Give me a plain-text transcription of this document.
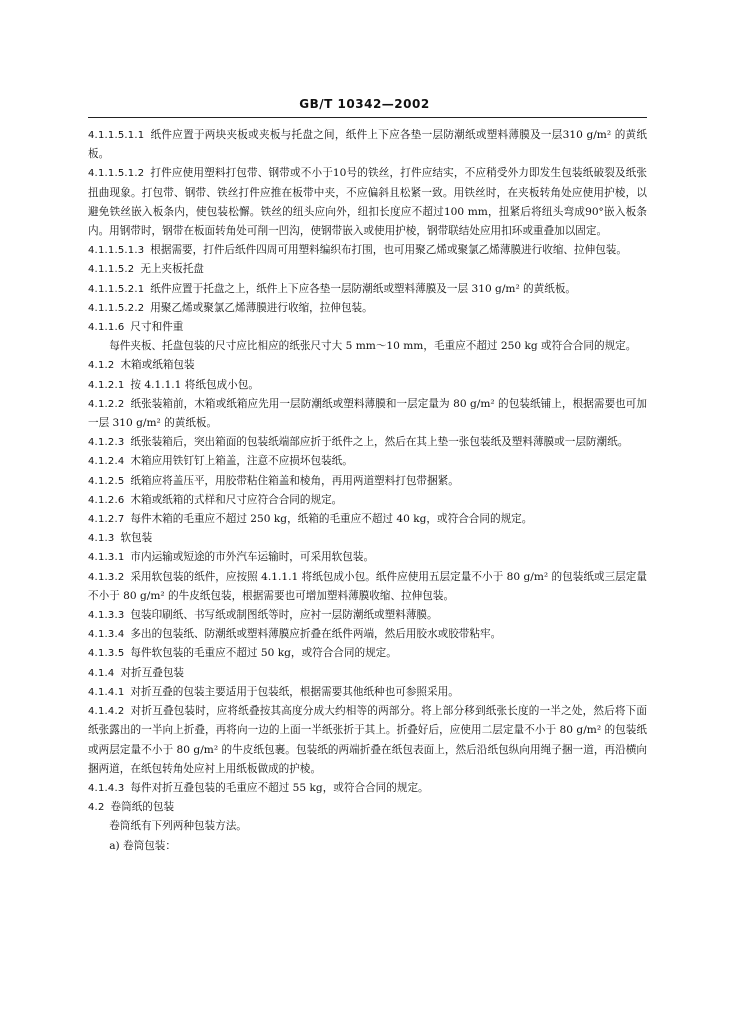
GB/T 10342—2002

4.1.1.5.1.1 纸件应置于两块夹板或夹板与托盘之间，纸件上下应各垫一层防潮纸或塑料薄膜及一层310 g/m² 的黄纸板。

4.1.1.5.1.2 打件应使用塑料打包带、钢带或不小于10号的铁丝，打件应结实，不应稍受外力即发生包装纸破裂及纸张扭曲现象。打包带、钢带、铁丝打件应推在板带中夹，不应偏斜且松紧一致。用铁丝时，在夹板转角处应使用护棱，以避免铁丝嵌入板条内，使包装松懈。铁丝的纽头应向外，纽扣长度应不超过100 mm，扭紧后将纽头弯成90°嵌入板条内。用钢带时，钢带在板面转角处可削一凹沟，使钢带嵌入或使用护棱，钢带联结处应用扣环或重叠加以固定。

4.1.1.5.1.3 根据需要，打件后纸件四周可用塑料编织布打围，也可用聚乙烯或聚氯乙烯薄膜进行收缩、拉伸包装。

4.1.1.5.2 无上夹板托盘

4.1.1.5.2.1 纸件应置于托盘之上，纸件上下应各垫一层防潮纸或塑料薄膜及一层 310 g/m² 的黄纸板。

4.1.1.5.2.2 用聚乙烯或聚氯乙烯薄膜进行收缩，拉伸包装。

4.1.1.6 尺寸和件重

每件夹板、托盘包装的尺寸应比相应的纸张尺寸大 5 mm～10 mm，毛重应不超过 250 kg 或符合合同的规定。

4.1.2 木箱或纸箱包装

4.1.2.1 按 4.1.1.1 将纸包成小包。

4.1.2.2 纸张装箱前，木箱或纸箱应先用一层防潮纸或塑料薄膜和一层定量为 80 g/m² 的包装纸铺上，根据需要也可加一层 310 g/m² 的黄纸板。

4.1.2.3 纸张装箱后，突出箱面的包装纸端部应折于纸件之上，然后在其上垫一张包装纸及塑料薄膜或一层防潮纸。

4.1.2.4 木箱应用铁钉钉上箱盖，注意不应损坏包装纸。

4.1.2.5 纸箱应将盖压平，用胶带粘住箱盖和棱角，再用两道塑料打包带捆紧。

4.1.2.6 木箱或纸箱的式样和尺寸应符合合同的规定。

4.1.2.7 每件木箱的毛重应不超过 250 kg，纸箱的毛重应不超过 40 kg，或符合合同的规定。

4.1.3 软包装

4.1.3.1 市内运输或短途的市外汽车运输时，可采用软包装。

4.1.3.2 采用软包装的纸件，应按照 4.1.1.1 将纸包成小包。纸件应使用五层定量不小于 80 g/m² 的包装纸或三层定量不小于 80 g/m² 的牛皮纸包装，根据需要也可增加塑料薄膜收缩、拉伸包装。

4.1.3.3 包装印刷纸、书写纸或制图纸等时，应衬一层防潮纸或塑料薄膜。

4.1.3.4 多出的包装纸、防潮纸或塑料薄膜应折叠在纸件两端，然后用胶水或胶带粘牢。

4.1.3.5 每件软包装的毛重应不超过 50 kg，或符合合同的规定。

4.1.4 对折互叠包装

4.1.4.1 对折互叠的包装主要适用于包装纸，根据需要其他纸种也可参照采用。

4.1.4.2 对折互叠包装时，应将纸叠按其高度分成大约相等的两部分。将上部分移到纸张长度的一半之处，然后将下面纸张露出的一半向上折叠，再将向一边的上面一半纸张折于其上。折叠好后，应使用二层定量不小于 80 g/m² 的包装纸或两层定量不小于 80 g/m² 的牛皮纸包裹。包装纸的两端折叠在纸包表面上，然后沿纸包纵向用绳子捆一道，再沿横向捆两道，在纸包转角处应衬上用纸板做成的护棱。

4.1.4.3 每件对折互叠包装的毛重应不超过 55 kg，或符合合同的规定。

4.2 卷筒纸的包装

卷筒纸有下列两种包装方法。

a) 卷筒包装：
